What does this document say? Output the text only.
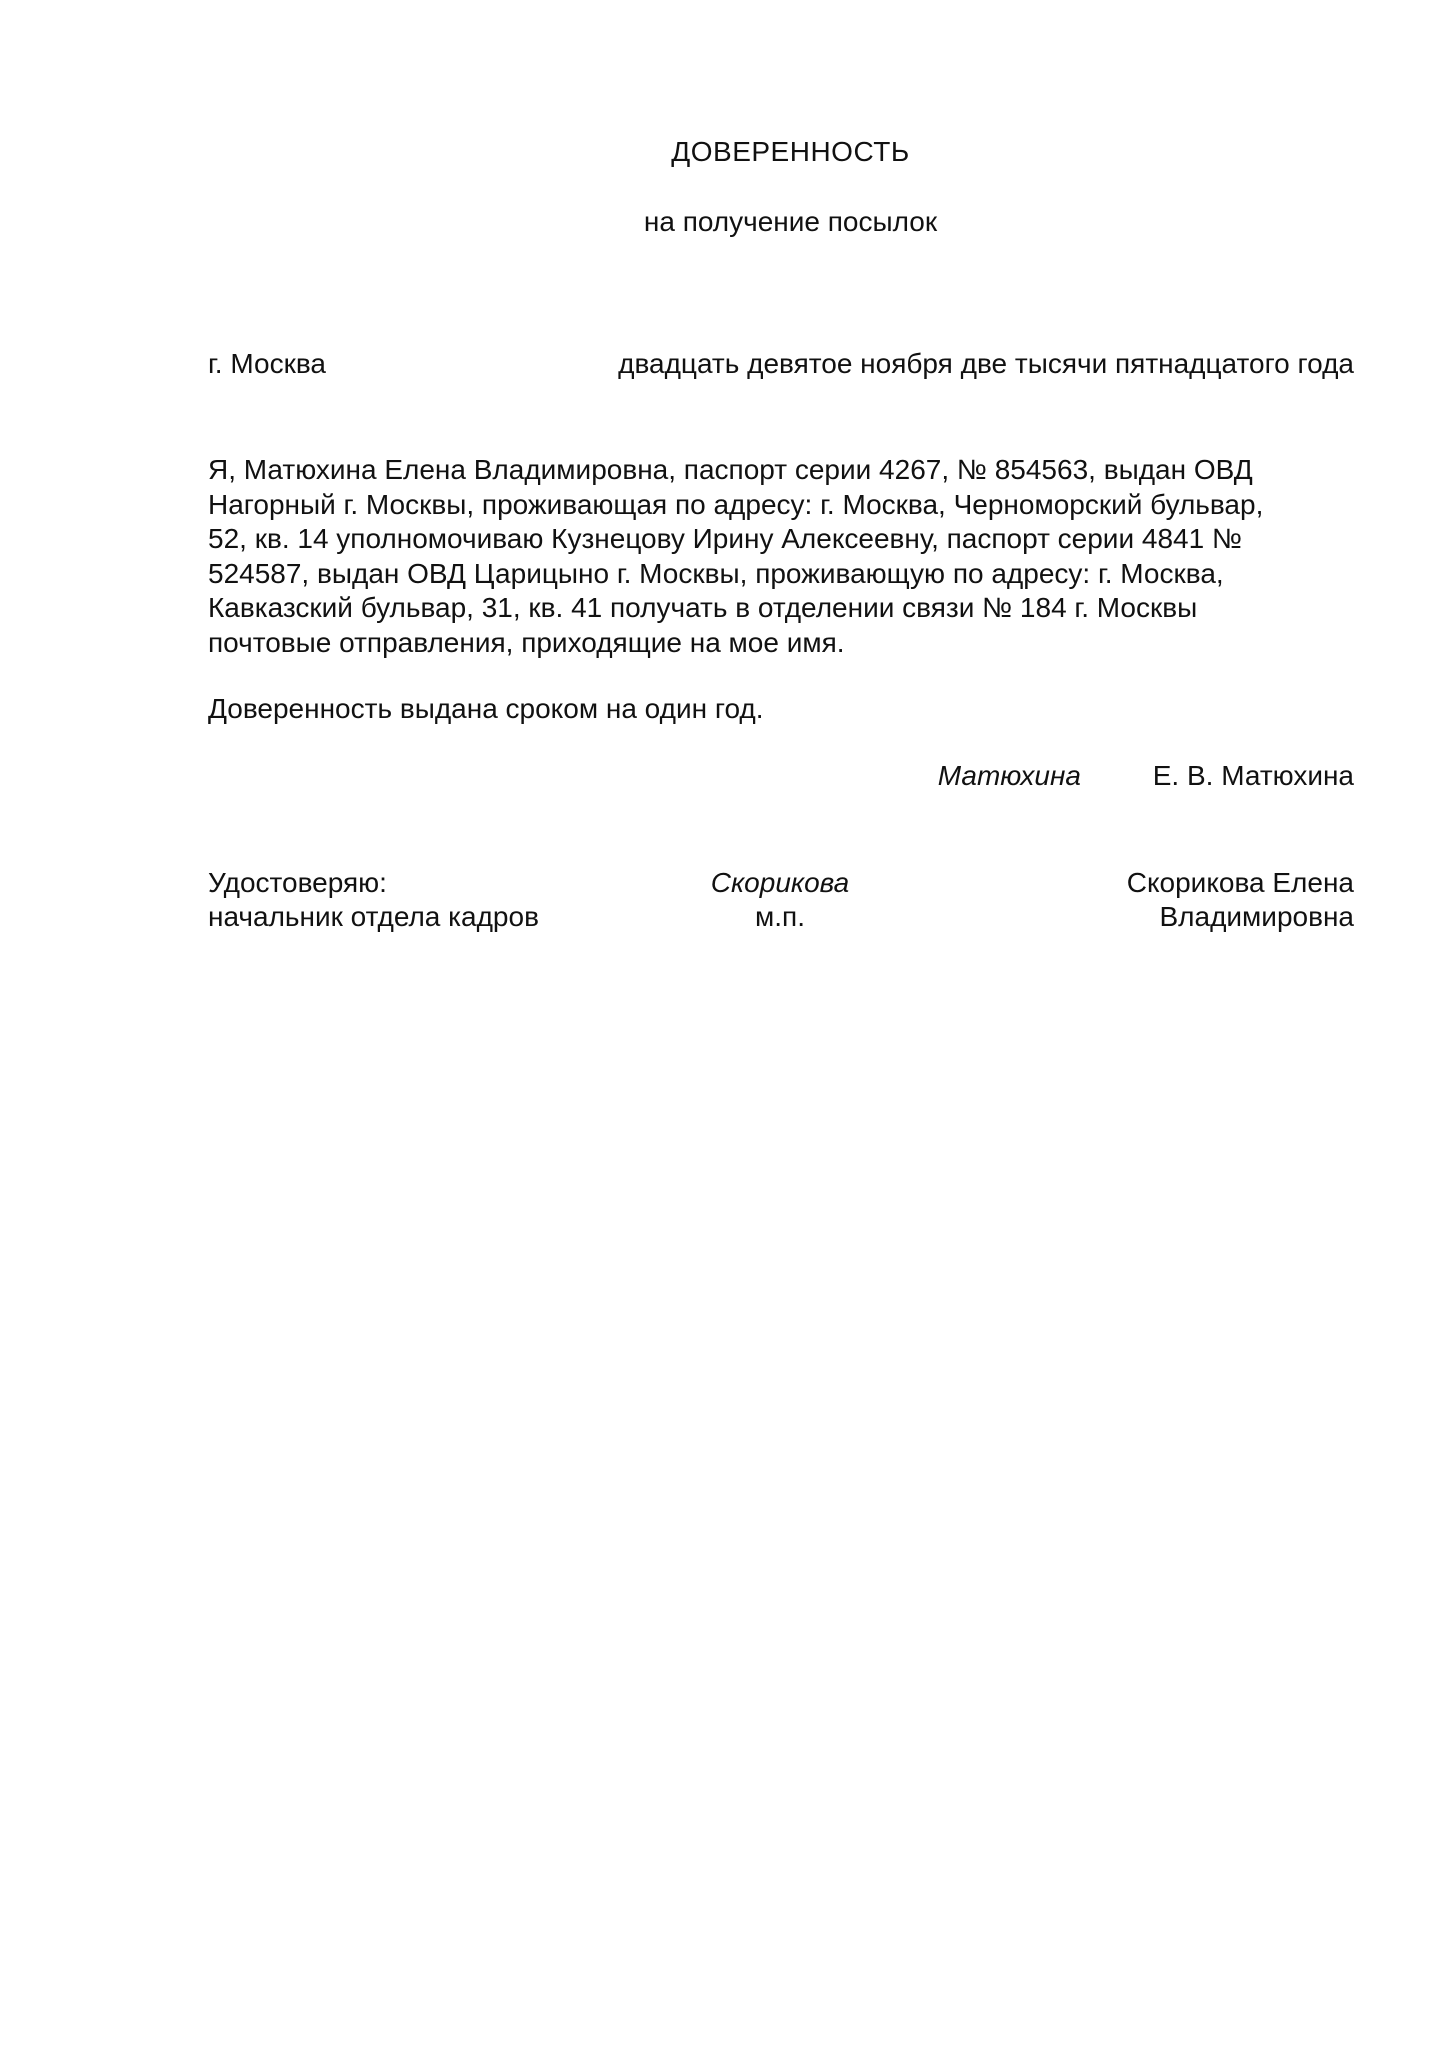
ДОВЕРЕННОСТЬ
на получение посылок
г. Москва	двадцать девятое ноября две тысячи пятнадцатого года
Я, Матюхина Елена Владимировна, паспорт серии 4267, № 854563, выдан ОВД
Нагорный г. Москвы, проживающая по адресу: г. Москва, Черноморский бульвар,
52, кв. 14 уполномочиваю Кузнецову Ирину Алексеевну, паспорт серии 4841 №
524587, выдан ОВД Царицыно г. Москвы, проживающую по адресу: г. Москва,
Кавказский бульвар, 31, кв. 41 получать в отделении связи № 184 г. Москвы
почтовые отправления, приходящие на мое имя.
Доверенность выдана сроком на один год.
Матюхина	Е. В. Матюхина
Удостоверяю:
начальник отдела кадров
Скорикова
м.п.
Скорикова Елена
Владимировна
